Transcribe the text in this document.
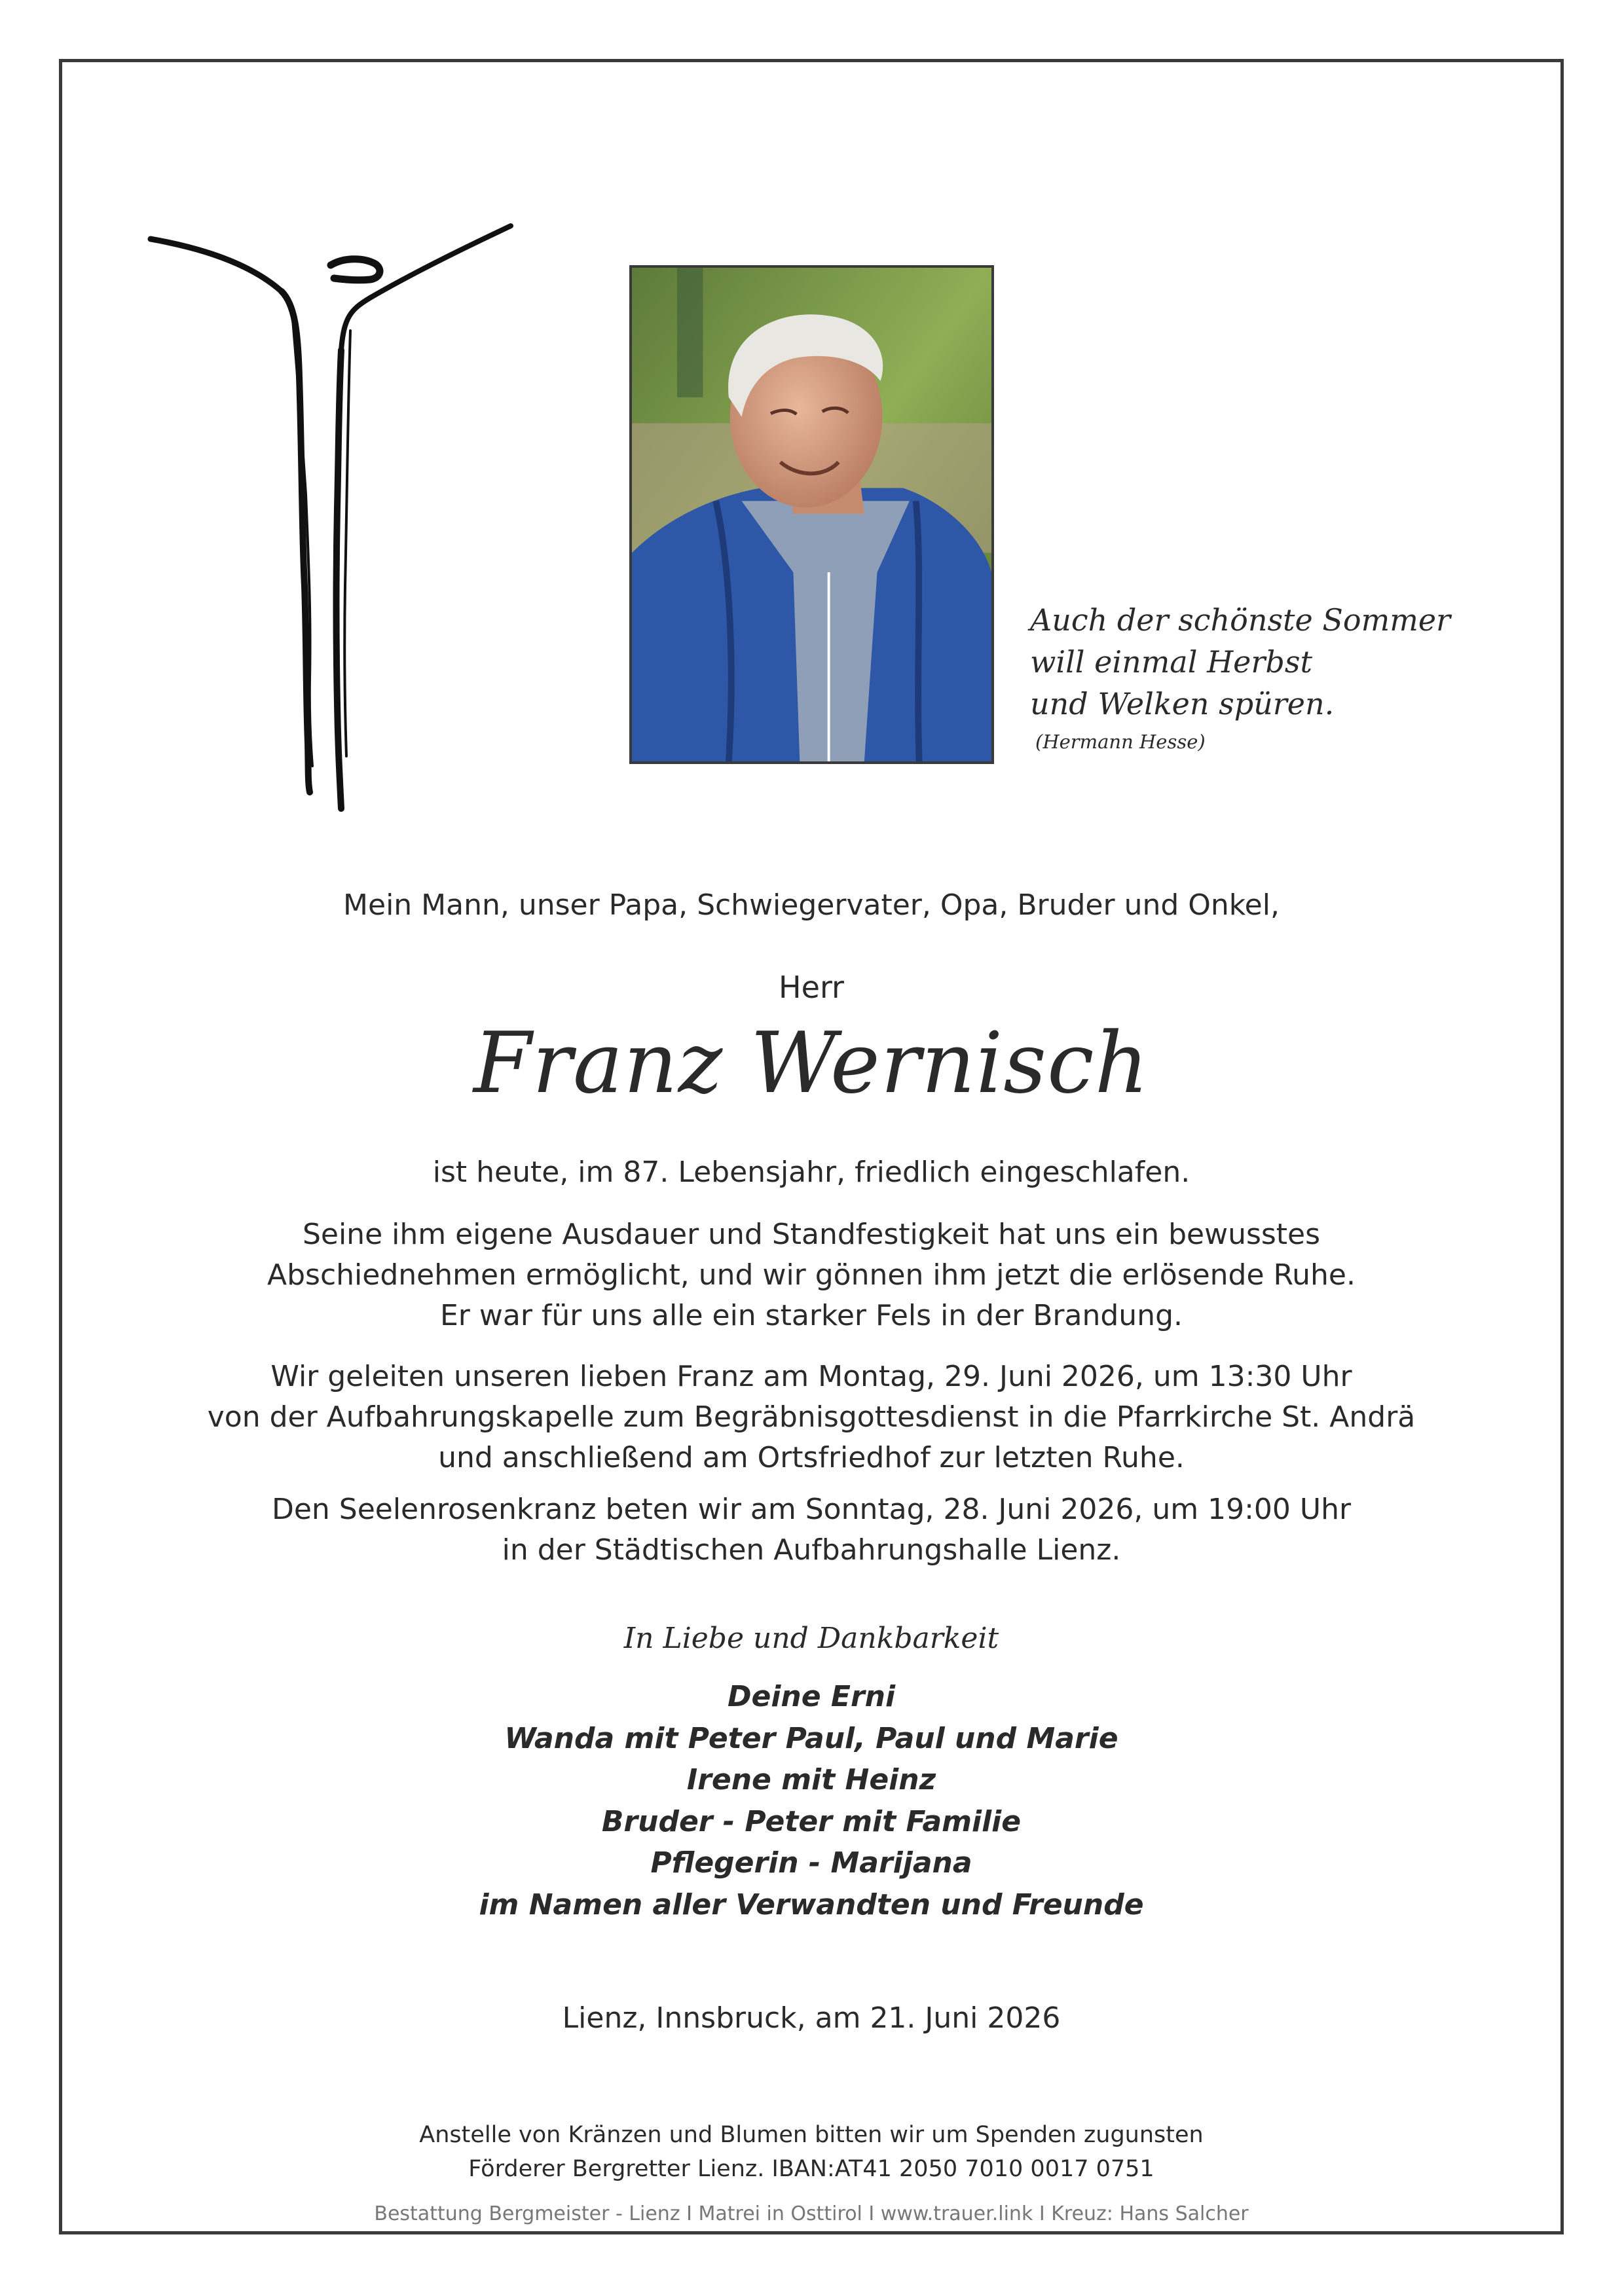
Auch der schönste Sommer
will einmal Herbst
und Welken spüren.
(Hermann Hesse)
Mein Mann, unser Papa, Schwiegervater, Opa, Bruder und Onkel,
Herr
Franz Wernisch
ist heute, im 87. Lebensjahr, friedlich eingeschlafen.
Seine ihm eigene Ausdauer und Standfestigkeit hat uns ein bewusstes
Abschiednehmen ermöglicht, und wir gönnen ihm jetzt die erlösende Ruhe.
Er war für uns alle ein starker Fels in der Brandung.
Wir geleiten unseren lieben Franz am Montag, 29. Juni 2026, um 13:30 Uhr
von der Aufbahrungskapelle zum Begräbnisgottesdienst in die Pfarrkirche St. Andrä
und anschließend am Ortsfriedhof zur letzten Ruhe.
Den Seelenrosenkranz beten wir am Sonntag, 28. Juni 2026, um 19:00 Uhr
in der Städtischen Aufbahrungshalle Lienz.
In Liebe und Dankbarkeit
Deine Erni
Wanda mit Peter Paul, Paul und Marie
Irene mit Heinz
Bruder - Peter mit Familie
Pflegerin - Marijana
im Namen aller Verwandten und Freunde
Lienz, Innsbruck, am 21. Juni 2026
Anstelle von Kränzen und Blumen bitten wir um Spenden zugunsten
Förderer Bergretter Lienz. IBAN:AT41 2050 7010 0017 0751
Bestattung Bergmeister - Lienz I Matrei in Osttirol I www.trauer.link I Kreuz: Hans Salcher
